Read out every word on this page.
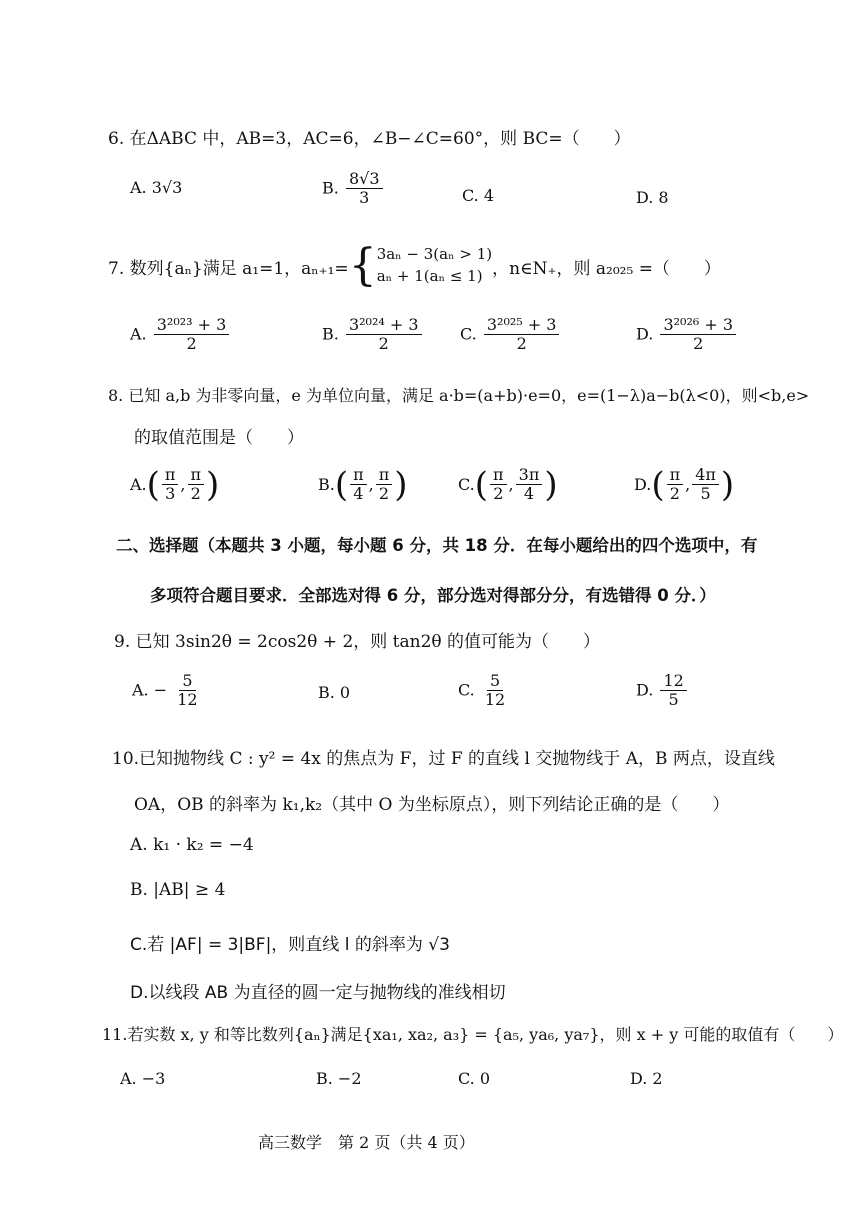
6. 在ΔABC 中，AB=3，AC=6，∠B−∠C=60°，则 BC=（　　）
A. 3√3	B. $\frac{8√3}{3}$	C. 4	D. 8
7. 数列{aₙ}满足 a₁=1，aₙ₊₁= { 3aₙ − 3(aₙ > 1)
aₙ + 1(aₙ ≤ 1) ，n∈N₊，则 a₂₀₂₅ =（　　）
A. $\frac{\text{3²⁰²³ + 3}}{2}$	B. $\frac{\text{3²⁰²⁴ + 3}}{2} C$. $\frac{\text{3²⁰²⁵ + 3}}{2}$	D. $\frac{\text{3²⁰²⁶ + 3}}{2}$
8. 已知 a,b 为非零向量，e 为单位向量，满足 a·b=(a+b)·e=0，e=(1−λ)a−b(λ<0)，则<b,e>
的取值范围是（　　）
A. ( $\frac{\pi}{3}$ , $\frac{\pi}{2}$ )	B. ( $\frac{\pi}{4}$ , $\frac{\pi}{2}$ )	C. ( $\frac{\pi}{2}$ , $\frac{3\pi}{4}$ )	D. ( $\frac{\pi}{2}$ , $\frac{4\pi}{5}$ )
二、选择题（本题共 3 小题，每小题 6 分，共 18 分．在每小题给出的四个选项中，有
多项符合题目要求．全部选对得 6 分，部分选对得部分分，有选错得 0 分．）
9. 已知 3sin2θ = 2cos2θ + 2，则 tan2θ 的值可能为（　　）
A. − $\frac{5}{12}$	B. 0	C. $\frac{5}{12}$	D. $\frac{12}{5}$
10.已知抛物线 C : y² = 4x 的焦点为 F，过 F 的直线 l 交抛物线于 A，B 两点，设直线
OA，OB 的斜率为 k₁,k₂（其中 O 为坐标原点），则下列结论正确的是（　　）
A. k₁ · k₂ = −4
B. |AB| ≥ 4
C.若 |AF| = 3|BF|，则直线 l 的斜率为 √3
D.以线段 AB 为直径的圆一定与抛物线的准线相切
11.若实数 x, y 和等比数列{aₙ}满足{xa₁, xa₂, a₃} = {a₅, ya₆, ya₇}，则 x + y 可能的取值有（　　）
A. −3	B. −2	C. 0	D. 2
高三数学　第 2 页（共 4 页）
